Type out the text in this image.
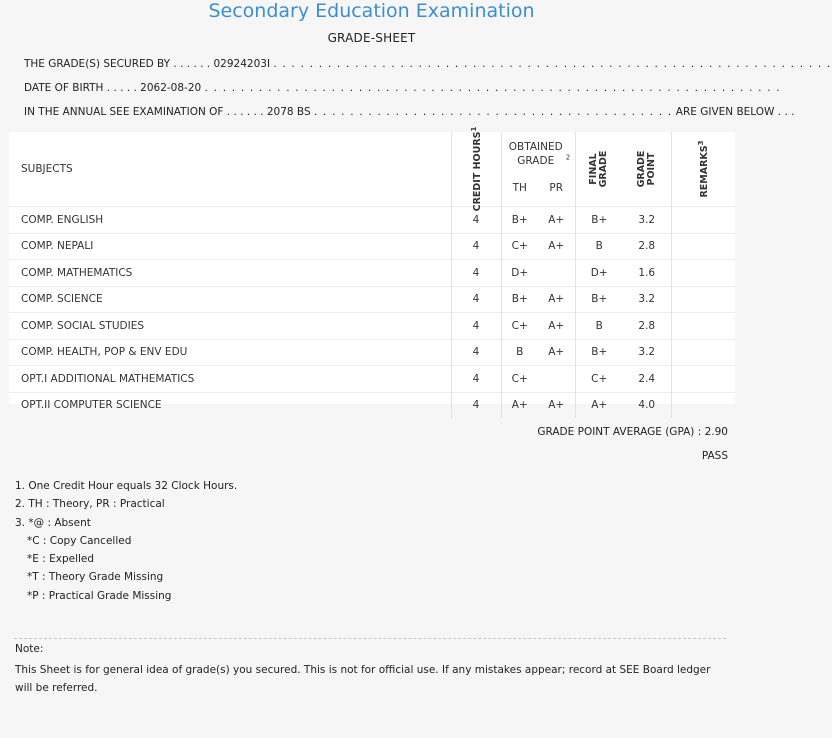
Secondary Education Examination
GRADE-SHEET
THE GRADE(S) SECURED BY . . . . . . 02924203I . . . . . . . . . . . . . . . . . . . . . . . . . . . . . . . . . . . . . . . . . . . . . . . . . . . . . . . . . . . . . .
DATE OF BIRTH . . . . . 2062-08-20 . . . . . . . . . . . . . . . . . . . . . . . . . . . . . . . . . . . . . . . . . . . . . . . . . . . . . . . . . . . . . . . .
IN THE ANNUAL SEE EXAMINATION OF . . . . . . 2078 BS . . . . . . . . . . . . . . . . . . . . . . . . . . . . . . . . . . . . . . . . ARE GIVEN BELOW . . .
SUBJECTS	CREDIT HOURS$^1$	OBTAINED GRADE $^2$		FINAL GRADE	GRADE POINT	REMARKS$^3$

		TH	PR			
COMP. ENGLISH	4	B+	A+	B+	3.2	
COMP. NEPALI	4	C+	A+	B	2.8	
COMP. MATHEMATICS	4	D+		D+	1.6	
COMP. SCIENCE	4	B+	A+	B+	3.2	
COMP. SOCIAL STUDIES	4	C+	A+	B	2.8	
COMP. HEALTH, POP & ENV EDU	4	B	A+	B+	3.2	
OPT.I ADDITIONAL MATHEMATICS	4	C+		C+	2.4	
OPT.II COMPUTER SCIENCE	4	A+	A+	A+	4.0	
GRADE POINT AVERAGE (GPA) : 2.90
PASS
1. One Credit Hour equals 32 Clock Hours.
2. TH : Theory, PR : Practical
3. *@ : Absent
*C : Copy Cancelled
*E : Expelled
*T : Theory Grade Missing
*P : Practical Grade Missing
Note:
This Sheet is for general idea of grade(s) you secured. This is not for official use. If any mistakes appear; record at SEE Board ledger will be referred.
